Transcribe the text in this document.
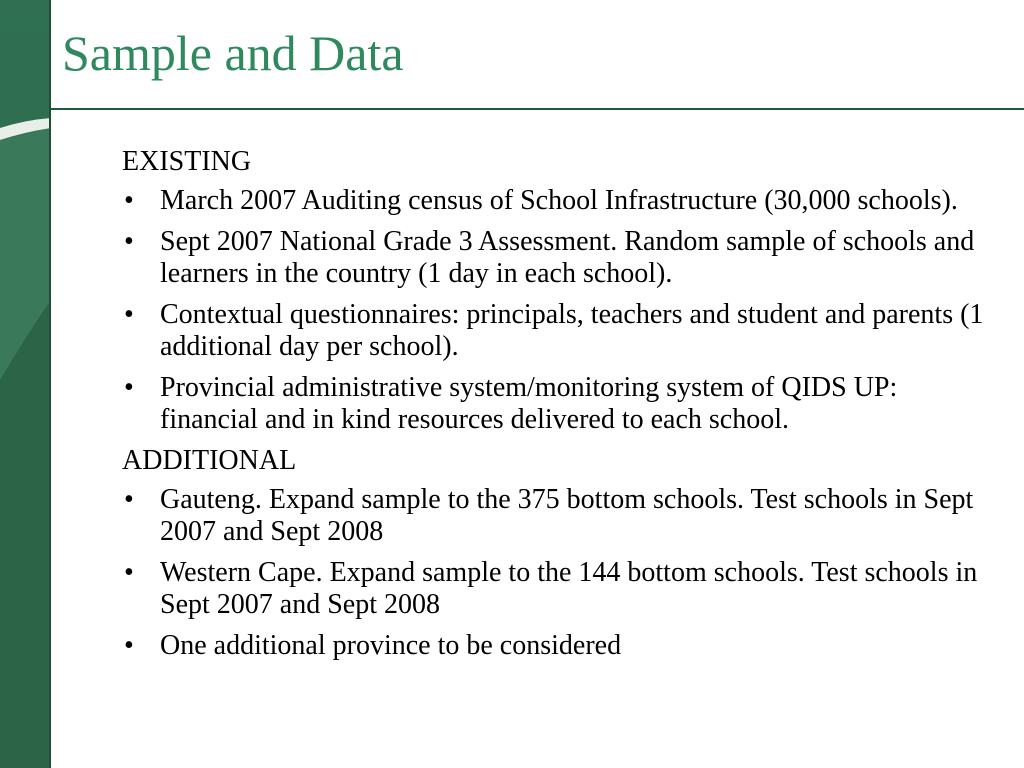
Sample and Data

EXISTING

• March 2007 Auditing census of School Infrastructure (30,000 schools).
• Sept 2007 National Grade 3 Assessment. Random sample of schools and learners in the country (1 day in each school).
• Contextual questionnaires: principals, teachers and student and parents (1 additional day per school).
• Provincial administrative system/monitoring system of QIDS UP: financial and in kind resources delivered to each school.

ADDITIONAL

• Gauteng. Expand sample to the 375 bottom schools. Test schools in Sept 2007 and Sept 2008
• Western Cape. Expand sample to the 144 bottom schools. Test schools in Sept 2007 and Sept 2008
• One additional province to be considered
